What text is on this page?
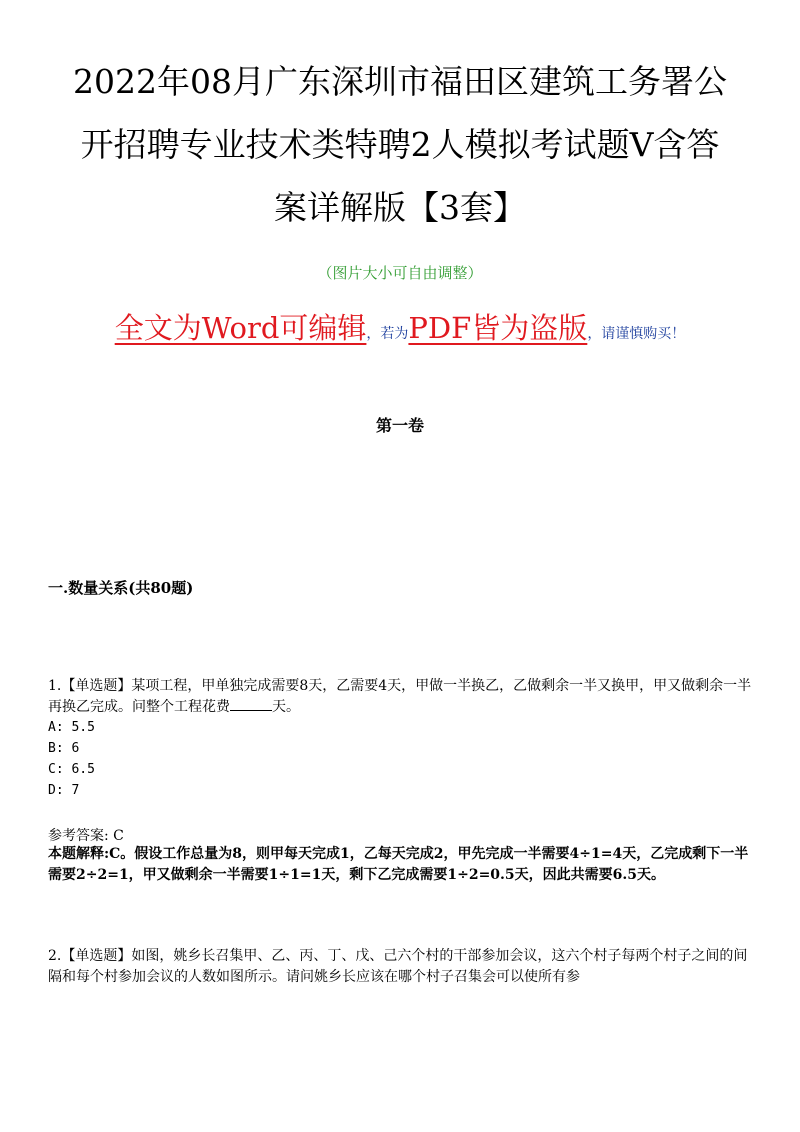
2022年08月广东深圳市福田区建筑工务署公
开招聘专业技术类特聘2人模拟考试题V含答
案详解版【3套】
（图片大小可自由调整）
全文为Word可编辑，若为PDF皆为盗版，请谨慎购买！
第一卷
一.数量关系(共80题)
1.【单选题】某项工程，甲单独完成需要8天，乙需要4天，甲做一半换乙，乙做剩余一半又换甲，甲又做剩余一半再换乙完成。问整个工程花费	天。
A: 5.5
B: 6
C: 6.5
D: 7
参考答案: C
本题解释:C。假设工作总量为8，则甲每天完成1，乙每天完成2，甲先完成一半需要4÷1=4天，乙完成剩下一半需要2÷2=1，甲又做剩余一半需要1÷1=1天，剩下乙完成需要1÷2=0.5天，因此共需要6.5天。
2.【单选题】如图，姚乡长召集甲、乙、丙、丁、戊、己六个村的干部参加会议，这六个村子每两个村子之间的间隔和每个村参加会议的人数如图所示。请问姚乡长应该在哪个村子召集会可以使所有参
